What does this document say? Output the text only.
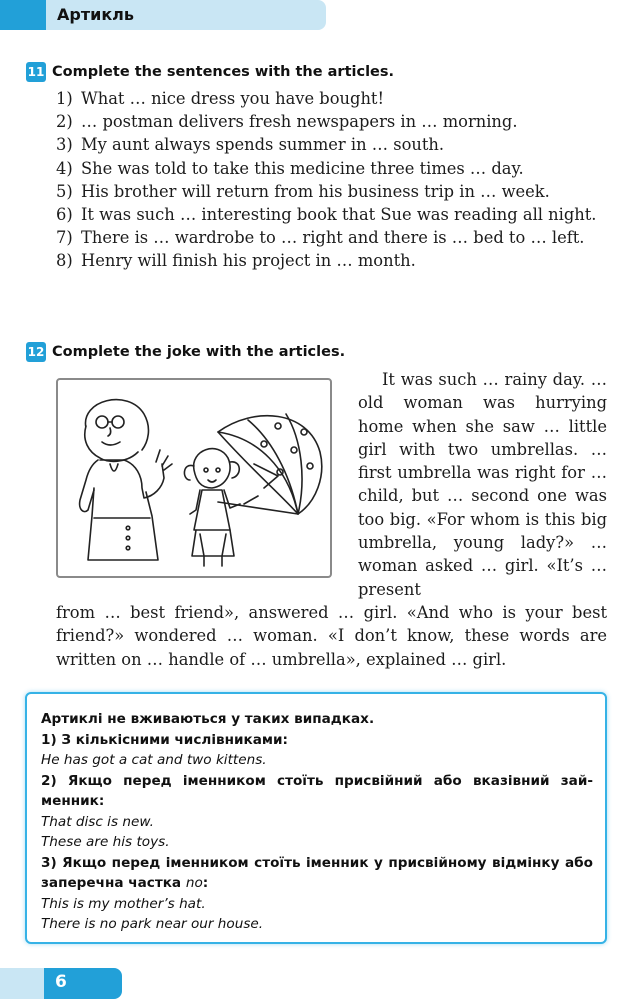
Артикль
11 Complete the sentences with the articles.
1) What … nice dress you have bought!
2) … postman delivers fresh newspapers in … morning.
3) My aunt always spends summer in … south.
4) She was told to take this medicine three times … day.
5) His brother will return from his business trip in … week.
6) It was such … interesting book that Sue was reading all night.
7) There is … wardrobe to … right and there is … bed to … left.
8) Henry will finish his project in … month.
12 Complete the joke with the articles.
It was such … rainy day. … old woman was hurrying home when she saw … little girl with two umbrellas. … first umbrella was right for … child, but … second one was too big. «For whom is this big umbrella, young lady?» … woman asked … girl. «It’s … present
from … best friend», answered … girl. «And who is your best friend?» wondered … woman. «I don’t know, these words are written on … handle of … umbrella», explained … girl.
Артиклі не вживаються у таких випадках.
1) З кількісними числівниками:
He has got a cat and two kittens.
2) Якщо перед іменником стоїть присвійний або вказівний зай-
менник:
That disc is new.
These are his toys.
3) Якщо перед іменником стоїть іменник у присвійному відмінку або
заперечна частка no:
This is my mother’s hat.
There is no park near our house.
6
